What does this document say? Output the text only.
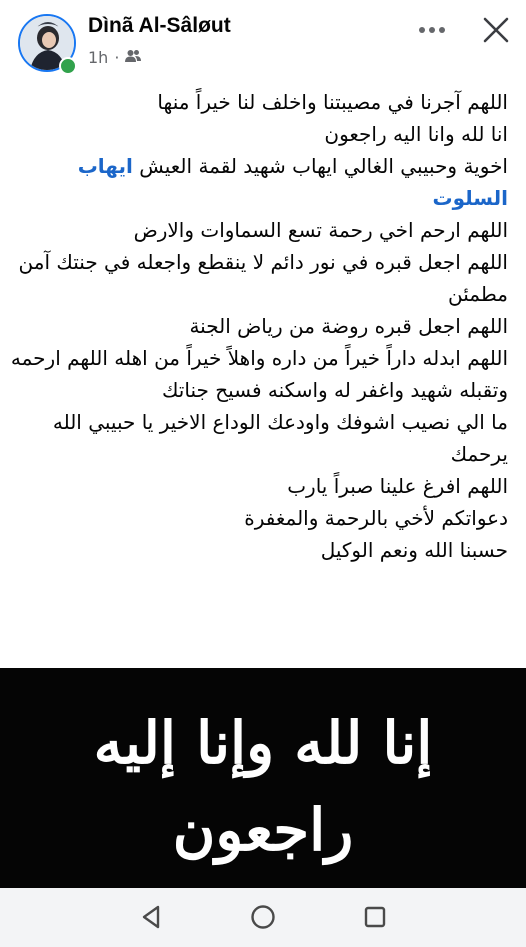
Dìnã Al-Sâløut
1h ·

اللهم آجرنا في مصيبتنا واخلف لنا خيراً منها

انا لله وانا اليه راجعون

اخوية وحبيبي الغالي ايهاب شهيد لقمة العيش ايهاب السلوت

اللهم ارحم اخي رحمة تسع السماوات والارض

اللهم اجعل قبره في نور دائم لا ينقطع واجعله في جنتك آمن مطمئن

اللهم اجعل قبره روضة من رياض الجنة

اللهم ابدله داراً خيراً من داره واهلاً خيراً من اهله اللهم ارحمه وتقبله شهيد واغفر له واسكنه فسيح جناتك

ما الي نصيب اشوفك واودعك الوداع الاخير يا حبيبي الله يرحمك

اللهم افرغ علينا صبراً يارب

دعواتكم لأخي بالرحمة والمغفرة

حسبنا الله ونعم الوكيل

إنا لله وإنا إليه
راجعون
